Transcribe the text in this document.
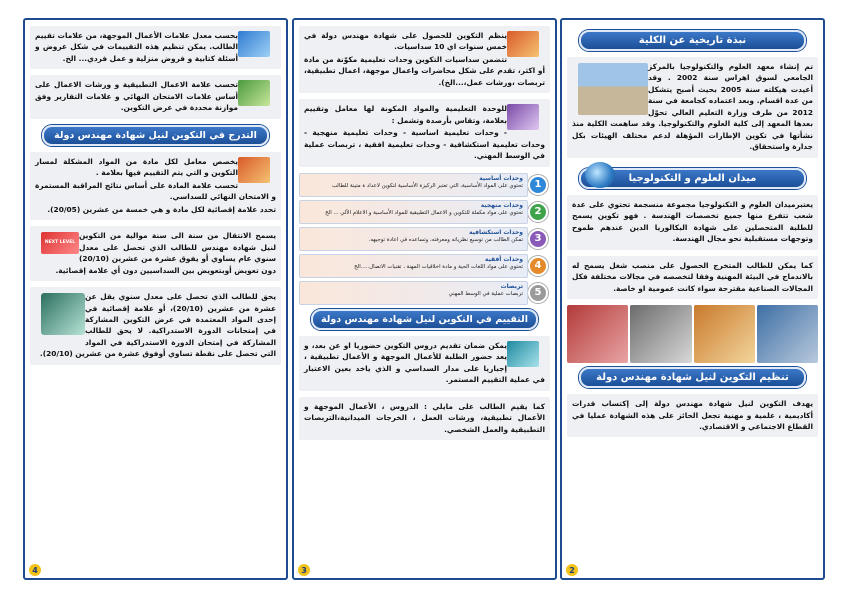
نبذة تاريخية عن الكلية

تم إنشاء معهد العلوم والتكنولوجيا بالمركز الجامعي لسوق اهراس سنة 2002 . وقد أعيدت هيكلته سنة 2005 بحيث أصبح يتشكل من عدة اقسام. وبعد اعتماده كجامعة في سنة 2012 من طرف وزارة التعليم العالي تحوّل بعدها المعهد إلى كلية العلوم والتكنولوجيا. وقد ساهمت الكلية منذ نشأتها في تكوين الإطارات المؤهلة لدعم مختلف الهيئات بكل جدارة واستحقاق.

ميدان العلوم و التكنولوجيا

يعتبرميدان العلوم و التكنولوجيا مجموعة منسجمة تحتوي على عدة شعب تتفرع منها جميع تخصصات الهندسة . فهو تكوين يسمح للطلبة المتحصلين على شهادة البكالوريا الدين عندهم طموح وتوجهات مستقبلية نحو مجال الهندسة.

كما يمكن للطالب المتخرج الحصول على منصب شغل يسمح له بالاندماج في البيئة المهنية وفقا لتخصصه في مجالات مختلفة فكل المجالات الصناعية مقترحة سواء كانت عمومية او خاصة.

تنظيم التكوين لنيل شهادة مهندس دولة

يهدف التكوين لنيل شهادة مهندس دولة إلى إكتساب قدرات أكاديمية ، علمية و مهنية تجعل الحائز على هذه الشهادة عمليا في القطاع الاجتماعي و الاقتصادي.

2

ينظم التكوين للحصول على شهادة مهندس دولة في خمس سنوات اي 10 سداسيات.

تتضمن سداسيات التكوين وحدات تعليمية مكوّنة من مادة أو اكثر، تقدم على شكل محاضرات واعمال موجهة، اعمال تطبيقية، تربصات ،ورشات عمل،...الخ).

للوحدة التعليمية والمواد المكونة لها معامل وتقييم بعلامة، وتقاس بأرصدة وتشمل :

- وحدات تعليمية اساسية - وحدات تعليمية منهجية - وحدات تعليمية استكشافية - وحدات تعليمية افقية ، تربصات عملية في الوسط المهني.

1
وحدات أساسية
تحتوي على المواد الأساسية، التي تعتبر الركيزة الأساسية لتكوين لاعداد ة متينة للطالب
2
وحدات منهجية
تحتوي على مواد مكملة للتكوين و الاعمال التطبيقية للمواد الأساسية و الاعلام الآلي ... الخ
3
وحدات استكشافية
تمكن الطالب من توسيع نظرياته ومعرفته، وتساعده في اعادة توجيهه.
4
وحدات أفقية
تحتوي على مواد اللغات الحية و مادة اخلاقيات المهنة ، تقنيات الاتصال.....الخ
5
تربصات
تربصات عملية في الوسط المهني
التقييم في التكوين لنيل شهادة مهندس دولة

يمكن ضمان تقديم دروس التكوين حضوريا او عن بعد، و يعد حضور الطلبة للأعمال الموجهة و الأعمال تطبيقية ، إجباريا على مدار السداسي و الذي ياخد بعين الاعتبار في عملية التقييم المستمر.

كما يقيم الطالب على مايلي : الدروس ، الأعمال الموجهة و الأعمال تطبيقية، ورشات العمل ، الخرجات الميدانية،التربصات التطبيقية والعمل الشخصي.

3

يحسب معدل علامات الأعمال الموجهة، من علامات تقييم الطالب. يمكن تنظيم هذه التقييمات في شكل عروض و أسئلة كتابية و فروض منزلية و عمل فردي... الخ.

تحسب علامة الاعمال التطبيقية و ورشات الاعمال على أساس علامات الامتحان النهائي و علامات التقارير وفق موازنة محددة في عرض التكوين.

التدرج في التكوين لنيل شهادة مهندس دولة

يخصص معامل لكل مادة من المواد المشكلة لمسار التكوين و التي يتم التقييم فيها بعلامة .

تحسب علامة المادة على أساس نتائج المراقبة المستمرة و الامتحان النهائي للسداسي.

تحدد علامة إقصائية لكل مادة و هي خمسة من عشرين (20/05).

NEXT LEVEL

يسمح الانتقال من سنة الى سنة موالية من التكوين لنيل شهادة مهندس للطالب الذي تحصل على معدل سنوي عام يساوي أو يفوق عشرة من عشرين (20/10) دون تعويض أوبتعويض بين السداسيين دون أي علامة إقصائية.

يحق للطالب الذي تحصل على معدل سنوي يقل عن عشرة من عشرين (20/10)، أو علامة إقصائية في إحدى المواد المعتمدة في عرض التكوين المشاركة في إمتحانات الدورة الاستدراكية. لا يحق للطالب المشاركة في إمتحان الدورة الاستدراكية في المواد التي تحصل على نقطة تساوي أوفوق عشرة من عشرين (20/10).

4
